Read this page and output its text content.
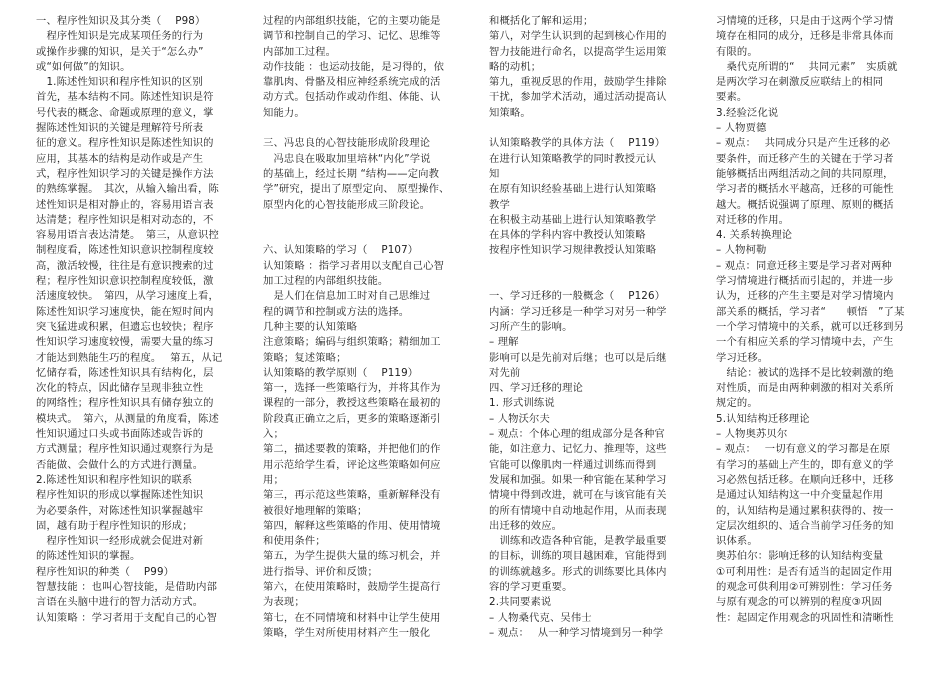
一、程序性知识及其分类（　 P98）
　程序性知识是完成某项任务的行为
或操作步骤的知识，是关于“怎么办”
或“如何做”的知识。
　1.陈述性知识和程序性知识的区别
首先，基本结构不同。陈述性知识是符
号代表的概念、命题或原理的意义，掌
握陈述性知识的关键是理解符号所表
征的意义。程序性知识是陈述性知识的
应用，其基本的结构是动作或是产生
式，程序性知识学习的关键是操作方法
的熟练掌握。　其次，从输入输出看，陈
述性知识是相对静止的，容易用语言表
达清楚；程序性知识是相对动态的，不
容易用语言表达清楚。　第三，从意识控
制程度看，陈述性知识意识控制程度较
高，激活较慢，往往是有意识搜索的过
程；程序性知识意识控制程度较低，激
活速度较快。　第四，从学习速度上看，
陈述性知识学习速度快，能在短时间内
突飞猛进或积累，但遗忘也较快；程序
性知识学习速度较慢，需要大量的练习
才能达到熟能生巧的程度。　 第五，从记
忆储存看，陈述性知识具有结构化，层
次化的特点，因此储存呈现非独立性
的网络性；程序性知识具有储存独立的
模块式。　第六，从测量的角度看，陈述
性知识通过口头或书面陈述或告诉的
方式测量；程序性知识通过观察行为是
否能做、会做什么的方式进行测量。
2.陈述性知识和程序性知识的联系
程序性知识的形成以掌握陈述性知识
为必要条件，对陈述性知识掌握越牢
固，越有助于程序性知识的形成；
　程序性知识一经形成就会促进对新
的陈述性知识的掌握。
程序性知识的种类（　 P99）
智慧技能 ：也叫心智技能，是借助内部
言语在头脑中进行的智力活动方式。
认知策略 ：学习者用于支配自己的心智
过程的内部组织技能，它的主要功能是
调节和控制自己的学习、记忆、思维等
内部加工过程。
动作技能 ：也运动技能，是习得的，依
靠肌肉、骨骼及相应神经系统完成的活
动方式。包括动作或动作组、体能、认
知能力。
三、冯忠良的心智技能形成阶段理论
　冯忠良在吸取加里培林“内化”学说
的基础上，经过长期 “结构——定向教
学”研究，提出了原型定向、 原型操作、
原型内化的心智技能形成三阶段论。
六、认知策略的学习（　 P107）
认知策略 ：指学习者用以支配自己心智
加工过程的内部组织技能。
　是人们在信息加工时对自己思维过
程的调节和控制或方法的选择。
几种主要的认知策略
注意策略；编码与组织策略；精细加工
策略；复述策略；
认知策略的教学原则（　 P119）
第一，选择一些策略行为，并将其作为
课程的一部分，教授这些策略在最初的
阶段真正确立之后，更多的策略逐渐引
入；
第二，描述要教的策略，并把他们的作
用示范给学生看，评论这些策略如何应
用；
第三，再示范这些策略，重新解释没有
被很好地理解的策略；
第四，解释这些策略的作用、使用情境
和使用条件；
第五，为学生提供大量的练习机会，并
进行指导、评价和反馈；
第六，在使用策略时，鼓励学生提高行
为表现；
第七，在不同情境和材料中让学生使用
策略，学生对所使用材料产生一般化
和概括化了解和运用；
第八，对学生认识到的起到核心作用的
智力技能进行命名，以提高学生运用策
略的动机；
第九，重视反思的作用，鼓励学生排除
干扰，参加学术活动，通过活动提高认
知策略。
认知策略教学的具体方法（　 P119）
在进行认知策略教学的同时教授元认
知
在原有知识经验基础上进行认知策略
教学
在积极主动基础上进行认知策略教学
在具体的学科内容中教授认知策略
按程序性知识学习规律教授认知策略
一、学习迁移的一般概念（　 P126）
内涵：学习迁移是一种学习对另一种学
习所产生的影响。
– 理解
影响可以是先前对后继；也可以是后继
对先前
四、学习迁移的理论
1. 形式训练说
– 人物沃尔夫
– 观点：个体心理的组成部分是各种官
能，如注意力、记忆力、推理等，这些
官能可以像肌肉一样通过训练而得到
发展和加强。如果一种官能在某种学习
情境中得到改进，就可在与该官能有关
的所有情境中自动地起作用，从而表现
出迁移的效应。
　训练和改造各种官能，是教学最重要
的目标，训练的项目越困难，官能得到
的训练就越多。形式的训练要比具体内
容的学习更重要。
2.共同要素说
– 人物桑代克、吴伟士
– 观点：　 从一种学习情境到另一种学
习情境的迁移，只是由于这两个学习情
境存在相同的成分，迁移是非常具体而
有限的。
　桑代克所谓的“　 共同元素”　实质就
是两次学习在刺激反应联结上的相同
要素。
3.经验泛化说
– 人物贾德
– 观点：　 共同成分只是产生迁移的必
要条件，而迁移产生的关键在于学习者
能够概括出两组活动之间的共同原理，
学习者的概括水平越高，迁移的可能性
越大。概括说强调了原理、原则的概括
对迁移的作用。
4. 关系转换理论
– 人物柯勒
– 观点：同意迁移主要是学习者对两种
学习情境进行概括而引起的，并进一步
认为，迁移的产生主要是对学习情境内
部关系的概括，学习者“　　顿悟　”了某
一个学习情境中的关系，就可以迁移到另
一个有相应关系的学习情境中去，产生
学习迁移。
　结论：被试的选择不是比较刺激的绝
对性质，而是由两种刺激的相对关系所
规定的。
5.认知结构迁移理论
– 人物奥苏贝尔
– 观点：　 一切有意义的学习都是在原
有学习的基础上产生的，即有意义的学
习必然包括迁移。在顺向迁移中，迁移
是通过认知结构这一中介变量起作用
的，认知结构是通过累积获得的、按一
定层次组织的、适合当前学习任务的知
识体系。
奥苏伯尔：影响迁移的认知结构变量
①可利用性：是否有适当的起固定作用
的观念可供利用②可辨别性：学习任务
与原有观念的可以辨别的程度③巩固
性：起固定作用观念的巩固性和清晰性
